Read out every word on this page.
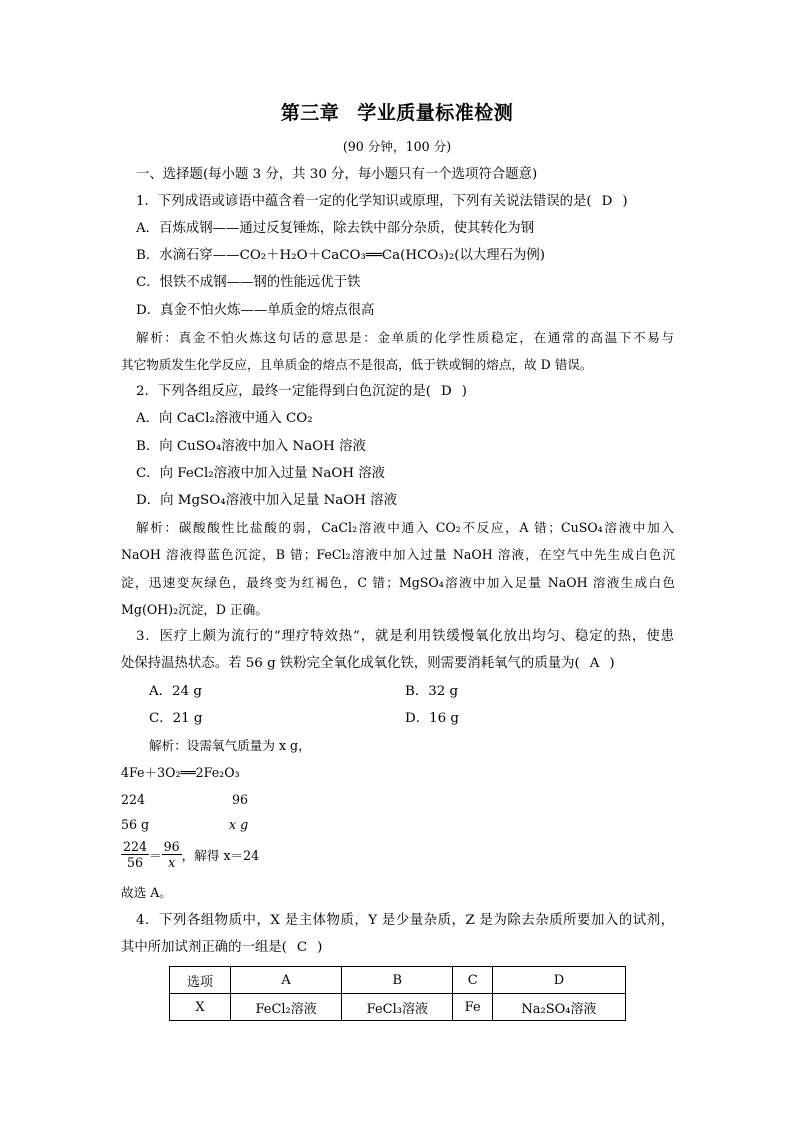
第三章 学业质量标准检测
(90 分钟，100 分)
一、选择题(每小题 3 分，共 30 分，每小题只有一个选项符合题意)
1．下列成语或谚语中蕴含着一定的化学知识或原理，下列有关说法错误的是( D )
A．百炼成钢——通过反复锤炼，除去铁中部分杂质，使其转化为钢
B．水滴石穿——CO₂＋H₂O＋CaCO₃══Ca(HCO₃)₂(以大理石为例)
C．恨铁不成钢——钢的性能远优于铁
D．真金不怕火炼——单质金的熔点很高
解析：真金不怕火炼这句话的意思是：金单质的化学性质稳定，在通常的高温下不易与
其它物质发生化学反应，且单质金的熔点不是很高，低于铁或铜的熔点，故 D 错误。
2．下列各组反应，最终一定能得到白色沉淀的是( D )
A．向 CaCl₂溶液中通入 CO₂
B．向 CuSO₄溶液中加入 NaOH 溶液
C．向 FeCl₂溶液中加入过量 NaOH 溶液
D．向 MgSO₄溶液中加入足量 NaOH 溶液
解析：碳酸酸性比盐酸的弱，CaCl₂溶液中通入 CO₂不反应，A 错；CuSO₄溶液中加入
NaOH 溶液得蓝色沉淀，B 错；FeCl₂溶液中加入过量 NaOH 溶液，在空气中先生成白色沉
淀，迅速变灰绿色，最终变为红褐色，C 错；MgSO₄溶液中加入足量 NaOH 溶液生成白色
Mg(OH)₂沉淀，D 正确。
3．医疗上颇为流行的“理疗特效热”，就是利用铁缓慢氧化放出均匀、稳定的热，使患
处保持温热状态。若 56 g 铁粉完全氧化成氧化铁，则需要消耗氧气的质量为( A )
A．24 g	B．32 g
C．21 g	D．16 g
解析：设需氧气质量为 x g，
4Fe＋3O₂══2Fe₂O₃
224	96
56 g	x g
$\frac{224}{56} = \frac{96}{x}$ ，解得 x＝24
故选 A。
4．下列各组物质中，X 是主体物质，Y 是少量杂质，Z 是为除去杂质所要加入的试剂，
其中所加试剂正确的一组是( C )
选项	A	B	C	D
X	FeCl₂溶液	FeCl₃溶液	Fe	Na₂SO₄溶液
